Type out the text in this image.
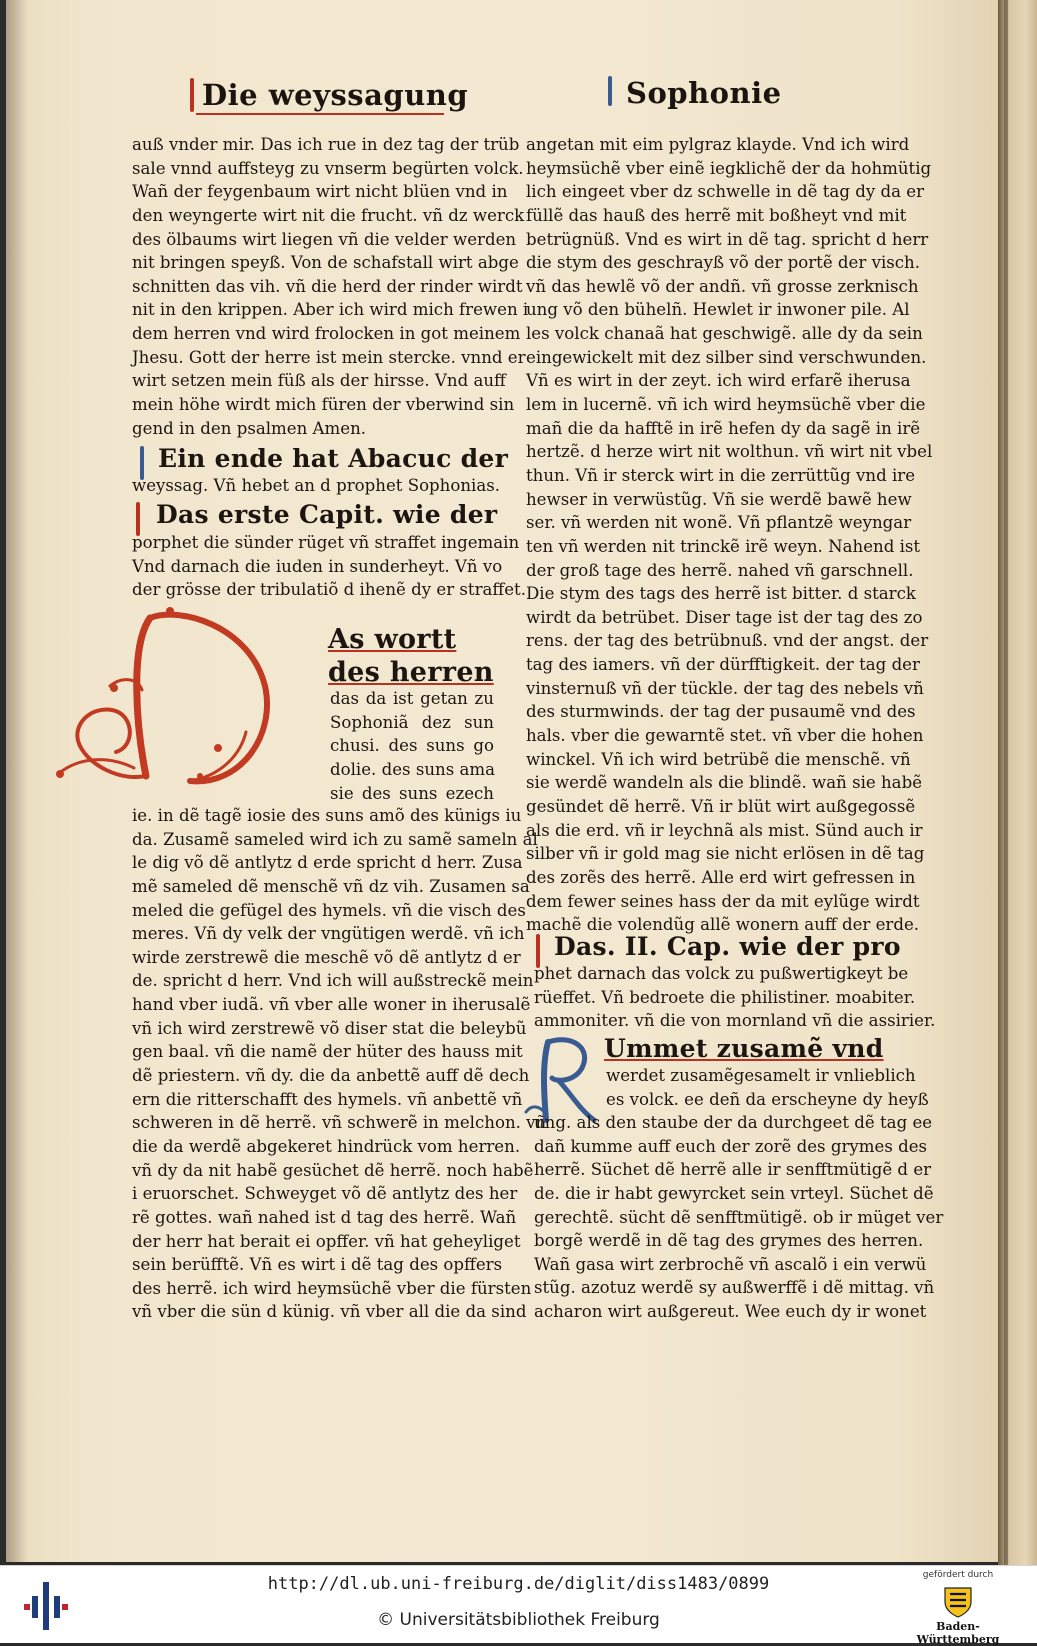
Die weyssagung	Sophonie
auß vnder mir. Das ich rue in dez tag der trüb
sale vnnd auffsteyg zu vnserm begürten volck.
Wañ der feygenbaum wirt nicht blüen vnd in
den weyngerte wirt nit die frucht. vñ dz werck
des ölbaums wirt liegen vñ die velder werden
nit bringen speyß. Von de schafstall wirt abge
schnitten das vih. vñ die herd der rinder wirdt
nit in den krippen. Aber ich wird mich frewen i
dem herren vnd wird frolocken in got meinem
Jhesu. Gott der herre ist mein stercke. vnnd er
wirt setzen mein füß als der hirsse. Vnd auff
mein höhe wirdt mich füren der vberwind sin
gend in den psalmen Amen.
Ein ende hat Abacuc der
weyssag. Vñ hebet an d prophet Sophonias.
Das erste Capit. wie der
porphet die sünder rüget vñ straffet ingemain
Vnd darnach die iuden in sunderheyt. Vñ vo
der grösse der tribulatiõ d ihenẽ dy er straffet.
As wortt
des herren
das da ist getan zu
Sophoniã dez sun
chusi. des suns go
dolie. des suns ama
sie des suns ezech
ie. in dẽ tagẽ iosie des suns amõ des künigs iu
da. Zusamẽ sameled wird ich zu samẽ sameln al
le dig võ dẽ antlytz d erde spricht d herr. Zusa
mẽ sameled dẽ menschẽ vñ dz vih. Zusamen sa
meled die gefügel des hymels. vñ die visch des
meres. Vñ dy velk der vngütigen werdẽ. vñ ich
wirde zerstrewẽ die meschẽ võ dẽ antlytz d er
de. spricht d herr. Vnd ich will außstreckẽ mein
hand vber iudã. vñ vber alle woner in iherusalẽ
vñ ich wird zerstrewẽ võ diser stat die beleybũ
gen baal. vñ die namẽ der hüter des hauss mit
dẽ priestern. vñ dy. die da anbettẽ auff dẽ dech
ern die ritterschafft des hymels. vñ anbettẽ vñ
schweren in dẽ herrẽ. vñ schwerẽ in melchon. vñ
die da werdẽ abgekeret hindrück vom herren.
vñ dy da nit habẽ gesüchet dẽ herrẽ. noch habẽ
i eruorschet. Schweyget võ dẽ antlytz des her
rẽ gottes. wañ nahed ist d tag des herrẽ. Wañ
der herr hat berait ei opffer. vñ hat geheyliget
sein berüfftẽ. Vñ es wirt i dẽ tag des opffers
des herrẽ. ich wird heymsüchẽ vber die fürsten
vñ vber die sün d künig. vñ vber all die da sind
angetan mit eim pylgraz klayde. Vnd ich wird
heymsüchẽ vber einẽ iegklichẽ der da hohmütig
lich eingeet vber dz schwelle in dẽ tag dy da er
füllẽ das hauß des herrẽ mit boßheyt vnd mit
betrügnüß. Vnd es wirt in dẽ tag. spricht d herr
die stym des geschrayß võ der portẽ der visch.
vñ das hewlẽ võ der andñ. vñ grosse zerknisch
ung võ den bühelñ. Hewlet ir inwoner pile. Al
les volck chanaã hat geschwigẽ. alle dy da sein
eingewickelt mit dez silber sind verschwunden.
Vñ es wirt in der zeyt. ich wird erfarẽ iherusa
lem in lucernẽ. vñ ich wird heymsüchẽ vber die
mañ die da hafftẽ in irẽ hefen dy da sagẽ in irẽ
hertzẽ. d herze wirt nit wolthun. vñ wirt nit vbel
thun. Vñ ir sterck wirt in die zerrüttũg vnd ire
hewser in verwüstũg. Vñ sie werdẽ bawẽ hew
ser. vñ werden nit wonẽ. Vñ pflantzẽ weyngar
ten vñ werden nit trinckẽ irẽ weyn. Nahend ist
der groß tage des herrẽ. nahed vñ garschnell.
Die stym des tags des herrẽ ist bitter. d starck
wirdt da betrübet. Diser tage ist der tag des zo
rens. der tag des betrübnuß. vnd der angst. der
tag des iamers. vñ der dürfftigkeit. der tag der
vinsternuß vñ der tückle. der tag des nebels vñ
des sturmwinds. der tag der pusaumẽ vnd des
hals. vber die gewarntẽ stet. vñ vber die hohen
winckel. Vñ ich wird betrübẽ die menschẽ. vñ
sie werdẽ wandeln als die blindẽ. wañ sie habẽ
gesündet dẽ herrẽ. Vñ ir blüt wirt außgegossẽ
als die erd. vñ ir leychnã als mist. Sünd auch ir
silber vñ ir gold mag sie nicht erlösen in dẽ tag
des zorẽs des herrẽ. Alle erd wirt gefressen in
dem fewer seines hass der da mit eylũge wirdt
machẽ die volendũg allẽ wonern auff der erde.
Das. II. Cap. wie der pro
phet darnach das volck zu pußwertigkeyt be
rüeffet. Vñ bedroete die philistiner. moabiter.
ammoniter. vñ die von mornland vñ die assirier.
Ummet zusamẽ vnd
werdet zusamẽgesamelt ir vnlieblich
es volck. ee deñ da erscheyne dy heyß
ung. als den staube der da durchgeet dẽ tag ee
dañ kumme auff euch der zorẽ des grymes des
herrẽ. Süchet dẽ herrẽ alle ir senfftmütigẽ d er
de. die ir habt gewyrcket sein vrteyl. Süchet dẽ
gerechtẽ. sücht dẽ senfftmütigẽ. ob ir müget ver
borgẽ werdẽ in dẽ tag des grymes des herren.
Wañ gasa wirt zerbrochẽ vñ ascalõ i ein verwü
stũg. azotuz werdẽ sy außwerffẽ i dẽ mittag. vñ
acharon wirt außgereut. Wee euch dy ir wonet
http://dl.ub.uni-freiburg.de/diglit/diss1483/0899
© Universitätsbibliothek Freiburg
gefördert durch
Baden-Württemberg
